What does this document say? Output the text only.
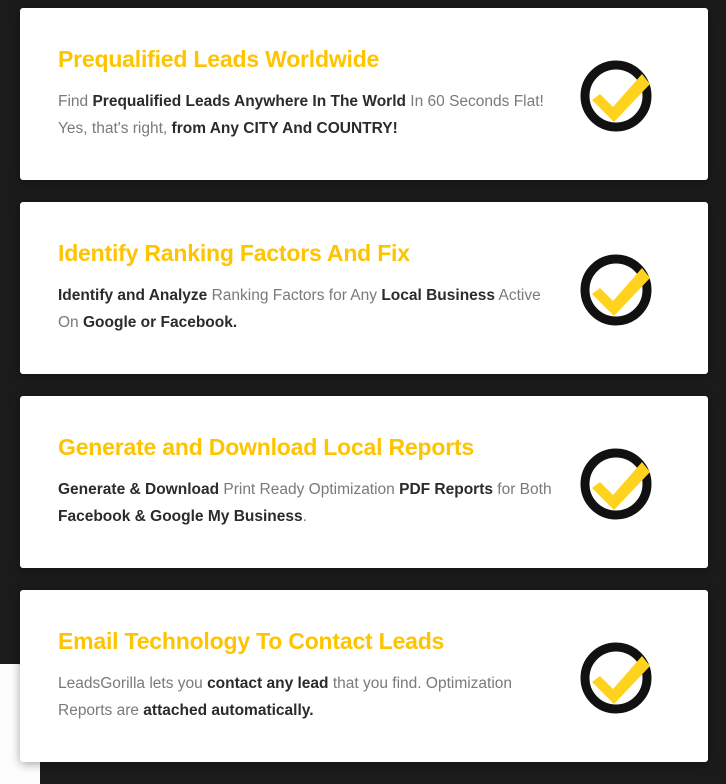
Prequalified Leads Worldwide

Find Prequalified Leads Anywhere In The World In 60 Seconds Flat! Yes, that's right, from Any CITY And COUNTRY!

Identify Ranking Factors And Fix

Identify and Analyze Ranking Factors for Any Local Business Active On Google or Facebook.

Generate and Download Local Reports

Generate & Download Print Ready Optimization PDF Reports for Both Facebook & Google My Business.

Email Technology To Contact Leads

LeadsGorilla lets you contact any lead that you find. Optimization Reports are attached automatically.
